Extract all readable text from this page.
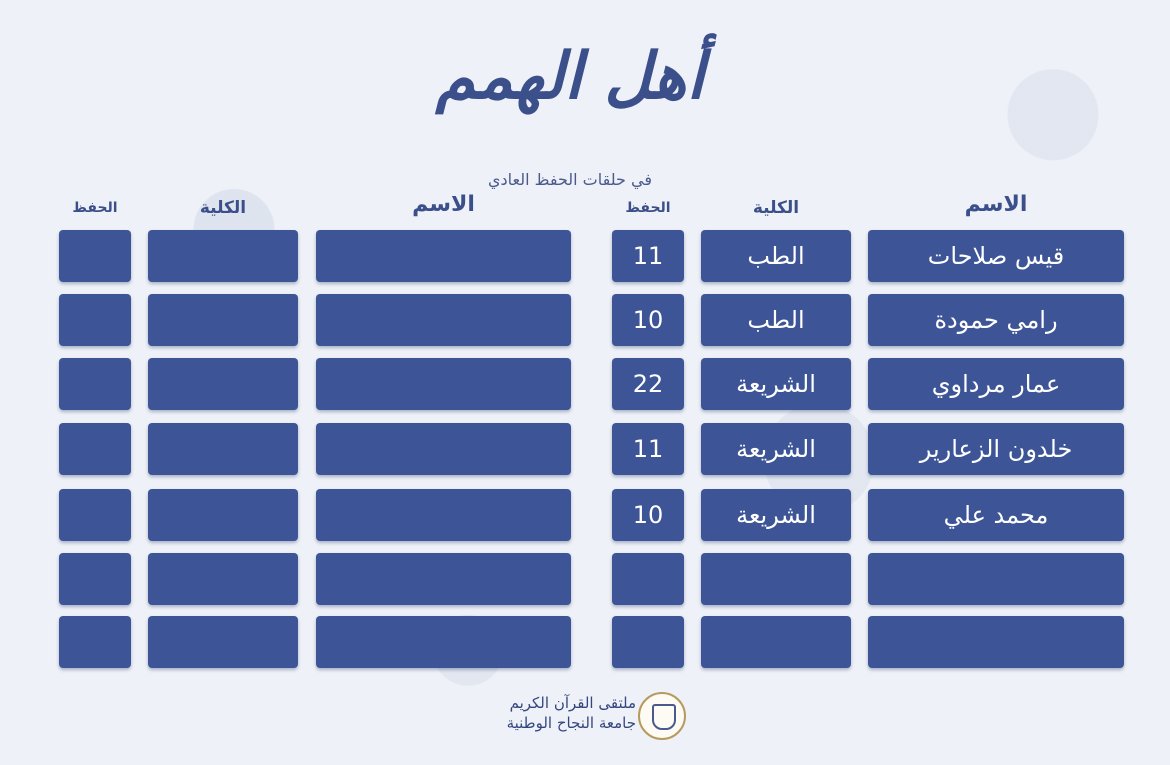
أهل الهمم
في حلقات الحفظ العادي
الاسم
الكلية
الحفظ
الاسم
الكلية
الحفظ
قيس صلاحات
الطب
11
رامي حمودة
الطب
10
عمار مرداوي
الشريعة
22
خلدون الزعارير
الشريعة
11
محمد علي
الشريعة
10
ملتقى القرآن الكريم
جامعة النجاح الوطنية
